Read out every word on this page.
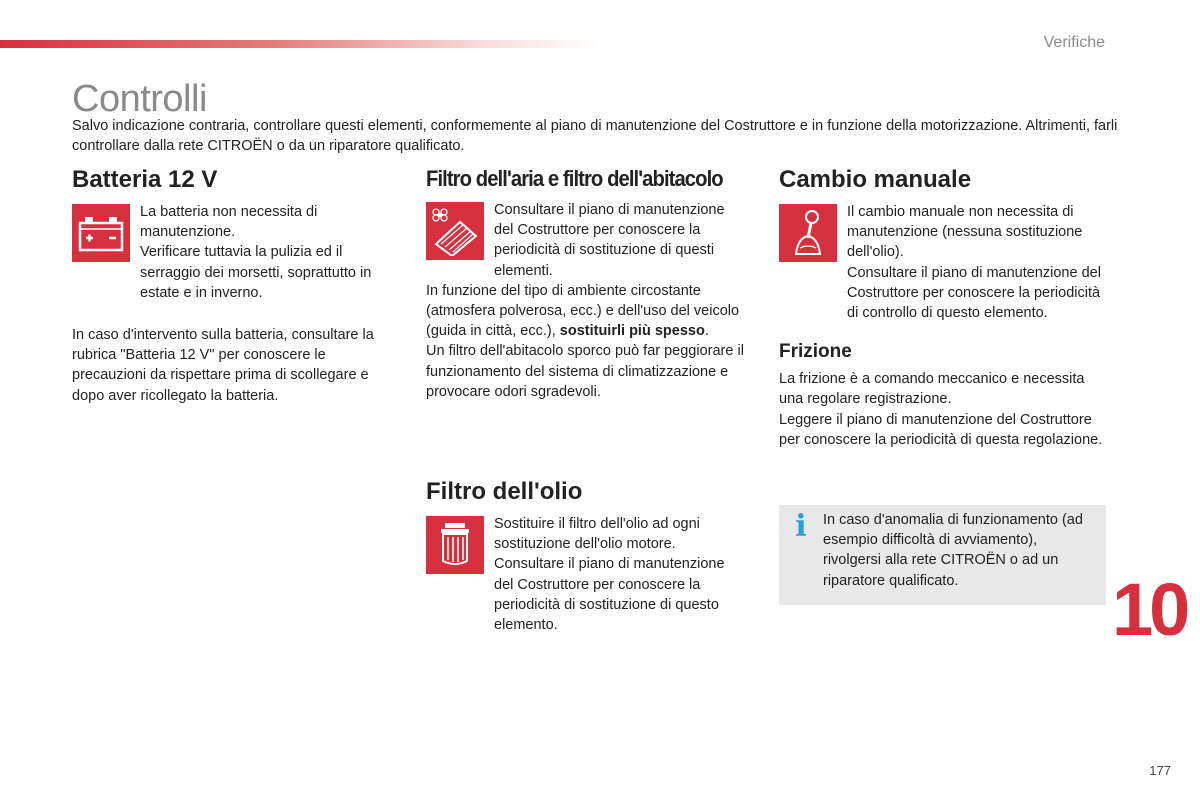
Verifiche
Controlli

Salvo indicazione contraria, controllare questi elementi, conformemente al piano di manutenzione del Costruttore e in funzione della motorizzazione. Altrimenti, farli controllare dalla rete CITROËN o da un riparatore qualificato.

Batteria 12 V

La batteria non necessita di manutenzione.

Verificare tuttavia la pulizia ed il serraggio dei morsetti, soprattutto in estate e in inverno.

In caso d'intervento sulla batteria, consultare la rubrica "Batteria 12 V" per conoscere le precauzioni da rispettare prima di scollegare e dopo aver ricollegato la batteria.

Filtro dell'aria e filtro dell'abitacolo

Consultare il piano di manutenzione del Costruttore per conoscere la periodicità di sostituzione di questi elementi.

In funzione del tipo di ambiente circostante (atmosfera polverosa, ecc.) e dell'uso del veicolo (guida in città, ecc.), sostituirli più spesso.

Un filtro dell'abitacolo sporco può far peggiorare il funzionamento del sistema di climatizzazione e provocare odori sgradevoli.

Filtro dell'olio

Sostituire il filtro dell'olio ad ogni sostituzione dell'olio motore.

Consultare il piano di manutenzione del Costruttore per conoscere la periodicità di sostituzione di questo elemento.

Cambio manuale

Il cambio manuale non necessita di manutenzione (nessuna sostituzione dell'olio).

Consultare il piano di manutenzione del Costruttore per conoscere la periodicità di controllo di questo elemento.

Frizione

La frizione è a comando meccanico e necessita una regolare registrazione.

Leggere il piano di manutenzione del Costruttore per conoscere la periodicità di questa regolazione.

i	In caso d'anomalia di funzionamento (ad esempio difficoltà di avviamento), rivolgersi alla rete CITROËN o ad un riparatore qualificato.	10
177
